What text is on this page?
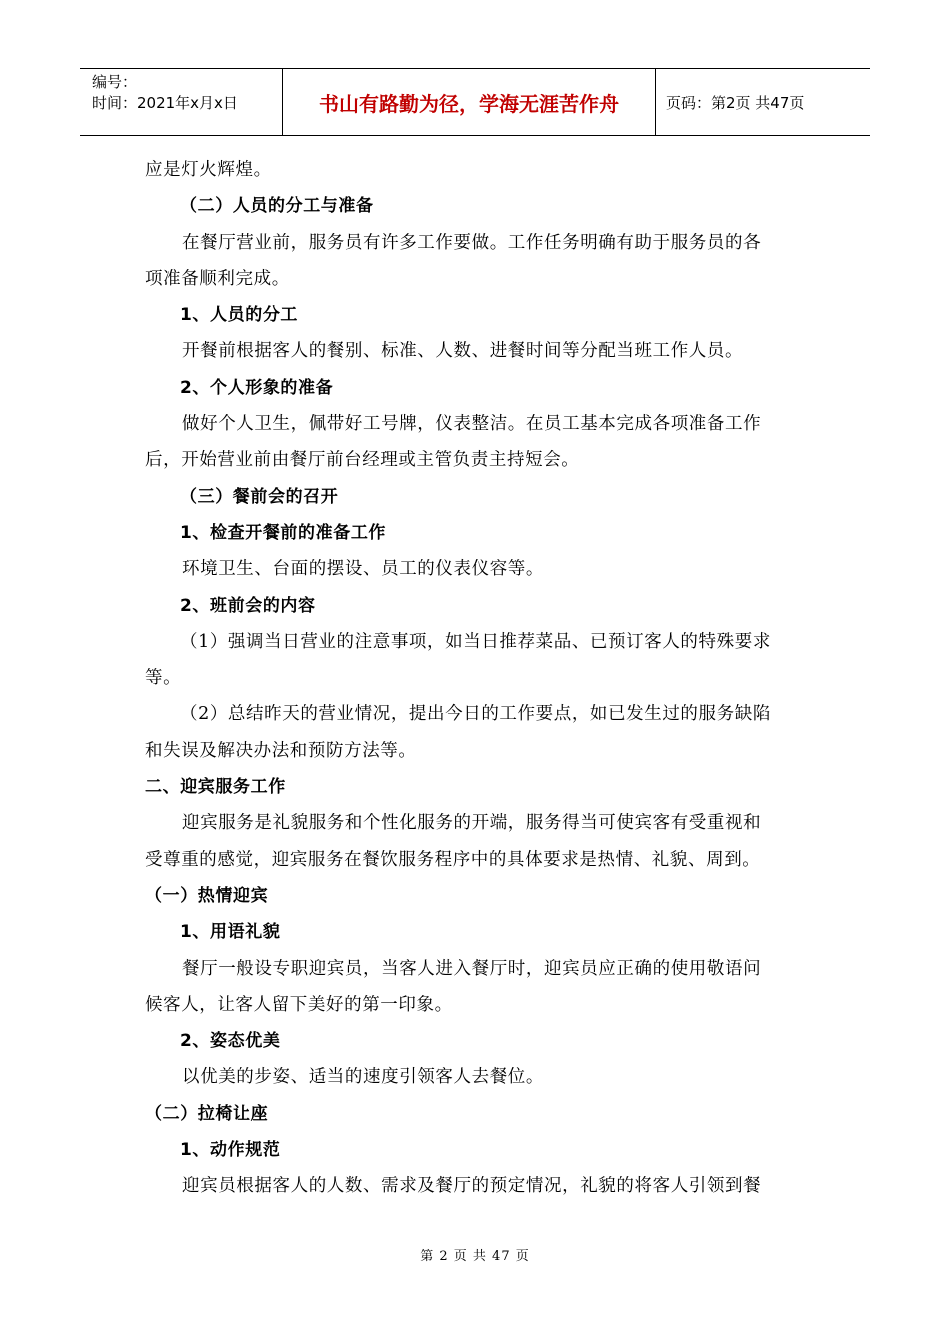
编号：
时间：2021年x月x日	书山有路勤为径，学海无涯苦作舟	页码：第2页 共47页
应是灯火辉煌。
（二）人员的分工与准备
在餐厅营业前，服务员有许多工作要做。工作任务明确有助于服务员的各
项准备顺利完成。
1、人员的分工
开餐前根据客人的餐别、标准、人数、进餐时间等分配当班工作人员。
2、个人形象的准备
做好个人卫生，佩带好工号牌，仪表整洁。在员工基本完成各项准备工作
后，开始营业前由餐厅前台经理或主管负责主持短会。
（三）餐前会的召开
1、检查开餐前的准备工作
环境卫生、台面的摆设、员工的仪表仪容等。
2、班前会的内容
（1）强调当日营业的注意事项，如当日推荐菜品、已预订客人的特殊要求
等。
（2）总结昨天的营业情况，提出今日的工作要点，如已发生过的服务缺陷
和失误及解决办法和预防方法等。
二、迎宾服务工作
迎宾服务是礼貌服务和个性化服务的开端，服务得当可使宾客有受重视和
受尊重的感觉，迎宾服务在餐饮服务程序中的具体要求是热情、礼貌、周到。
（一）热情迎宾
1、用语礼貌
餐厅一般设专职迎宾员，当客人进入餐厅时，迎宾员应正确的使用敬语问
候客人，让客人留下美好的第一印象。
2、姿态优美
以优美的步姿、适当的速度引领客人去餐位。
（二）拉椅让座
1、动作规范
迎宾员根据客人的人数、需求及餐厅的预定情况，礼貌的将客人引领到餐
第 2 页 共 47 页
